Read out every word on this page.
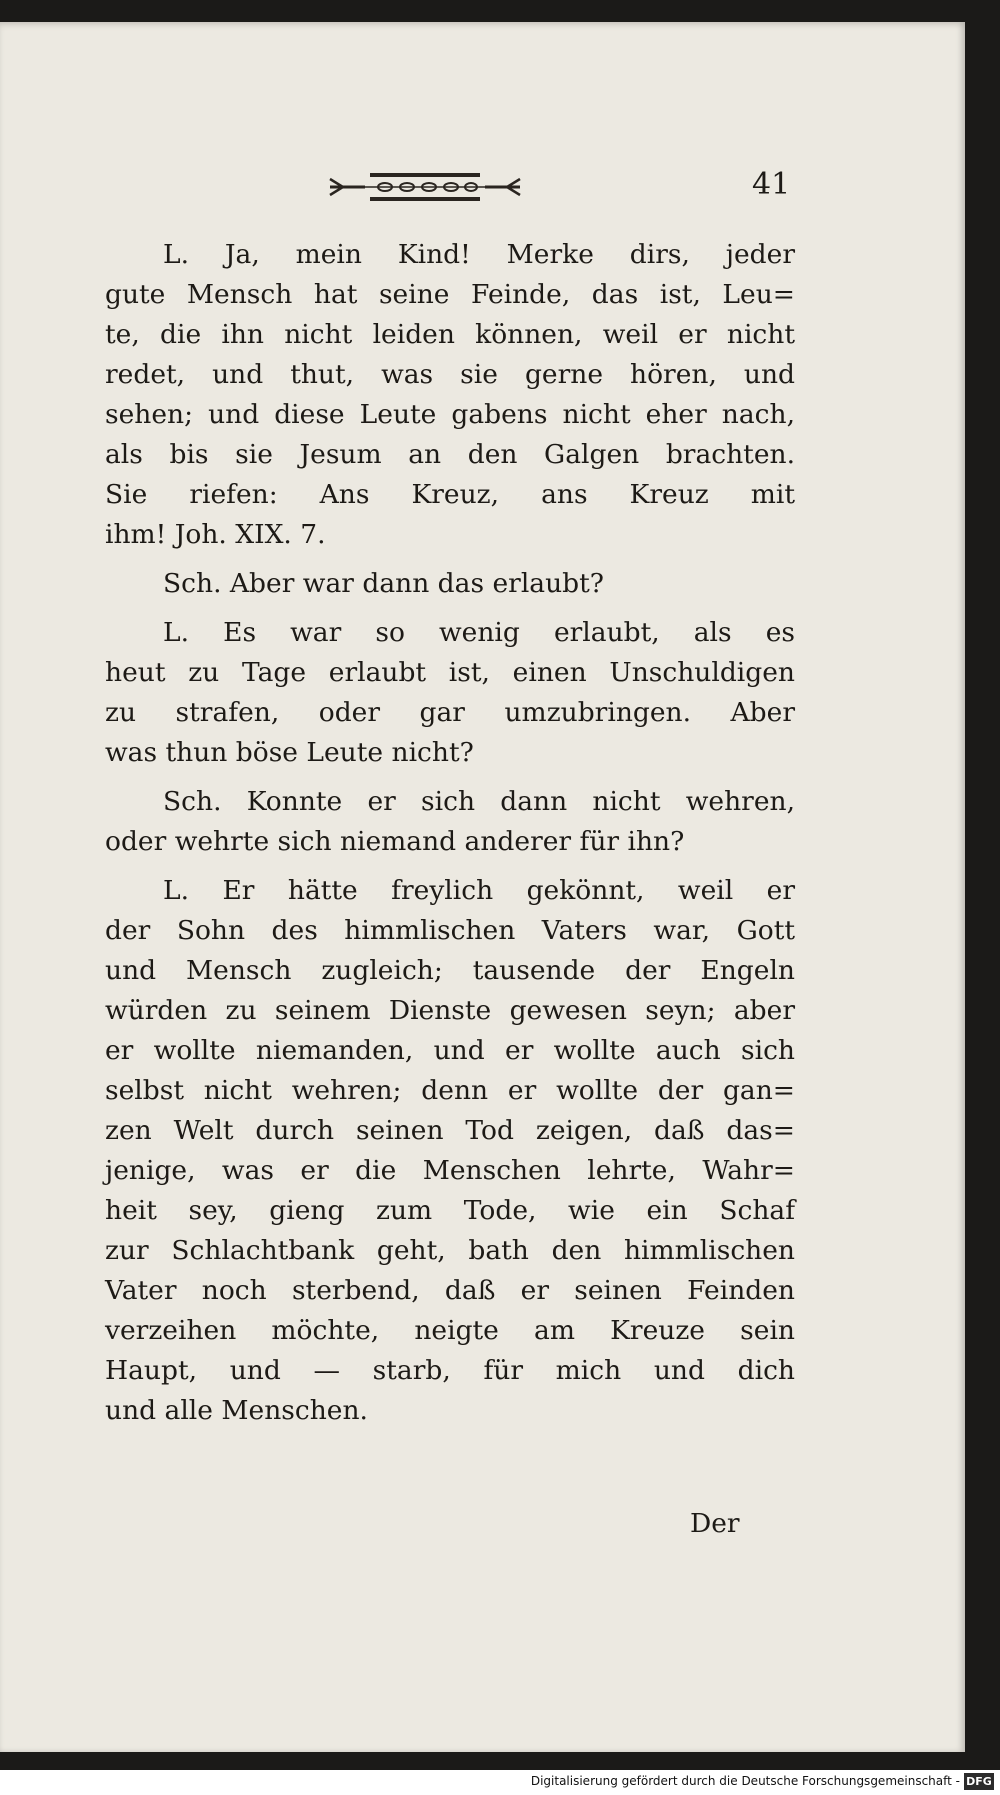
41
L. Ja, mein Kind! Merke dirs, jeder
gute Mensch hat seine Feinde, das ist, Leu=
te, die ihn nicht leiden können, weil er nicht
redet, und thut, was sie gerne hören, und
sehen; und diese Leute gabens nicht eher nach,
als bis sie Jesum an den Galgen brachten.
Sie riefen: Ans Kreuz, ans Kreuz mit
ihm! Joh. XIX. 7.
Sch. Aber war dann das erlaubt?
L. Es war so wenig erlaubt, als es
heut zu Tage erlaubt ist, einen Unschuldigen
zu strafen, oder gar umzubringen. Aber
was thun böse Leute nicht?
Sch. Konnte er sich dann nicht wehren,
oder wehrte sich niemand anderer für ihn?
L. Er hätte freylich gekönnt, weil er
der Sohn des himmlischen Vaters war, Gott
und Mensch zugleich; tausende der Engeln
würden zu seinem Dienste gewesen seyn; aber
er wollte niemanden, und er wollte auch sich
selbst nicht wehren; denn er wollte der gan=
zen Welt durch seinen Tod zeigen, daß das=
jenige, was er die Menschen lehrte, Wahr=
heit sey, gieng zum Tode, wie ein Schaf
zur Schlachtbank geht, bath den himmlischen
Vater noch sterbend, daß er seinen Feinden
verzeihen möchte, neigte am Kreuze sein
Haupt, und — starb, für mich und dich
und alle Menschen.
Der
Digitalisierung gefördert durch die Deutsche Forschungsgemeinschaft - DFG
